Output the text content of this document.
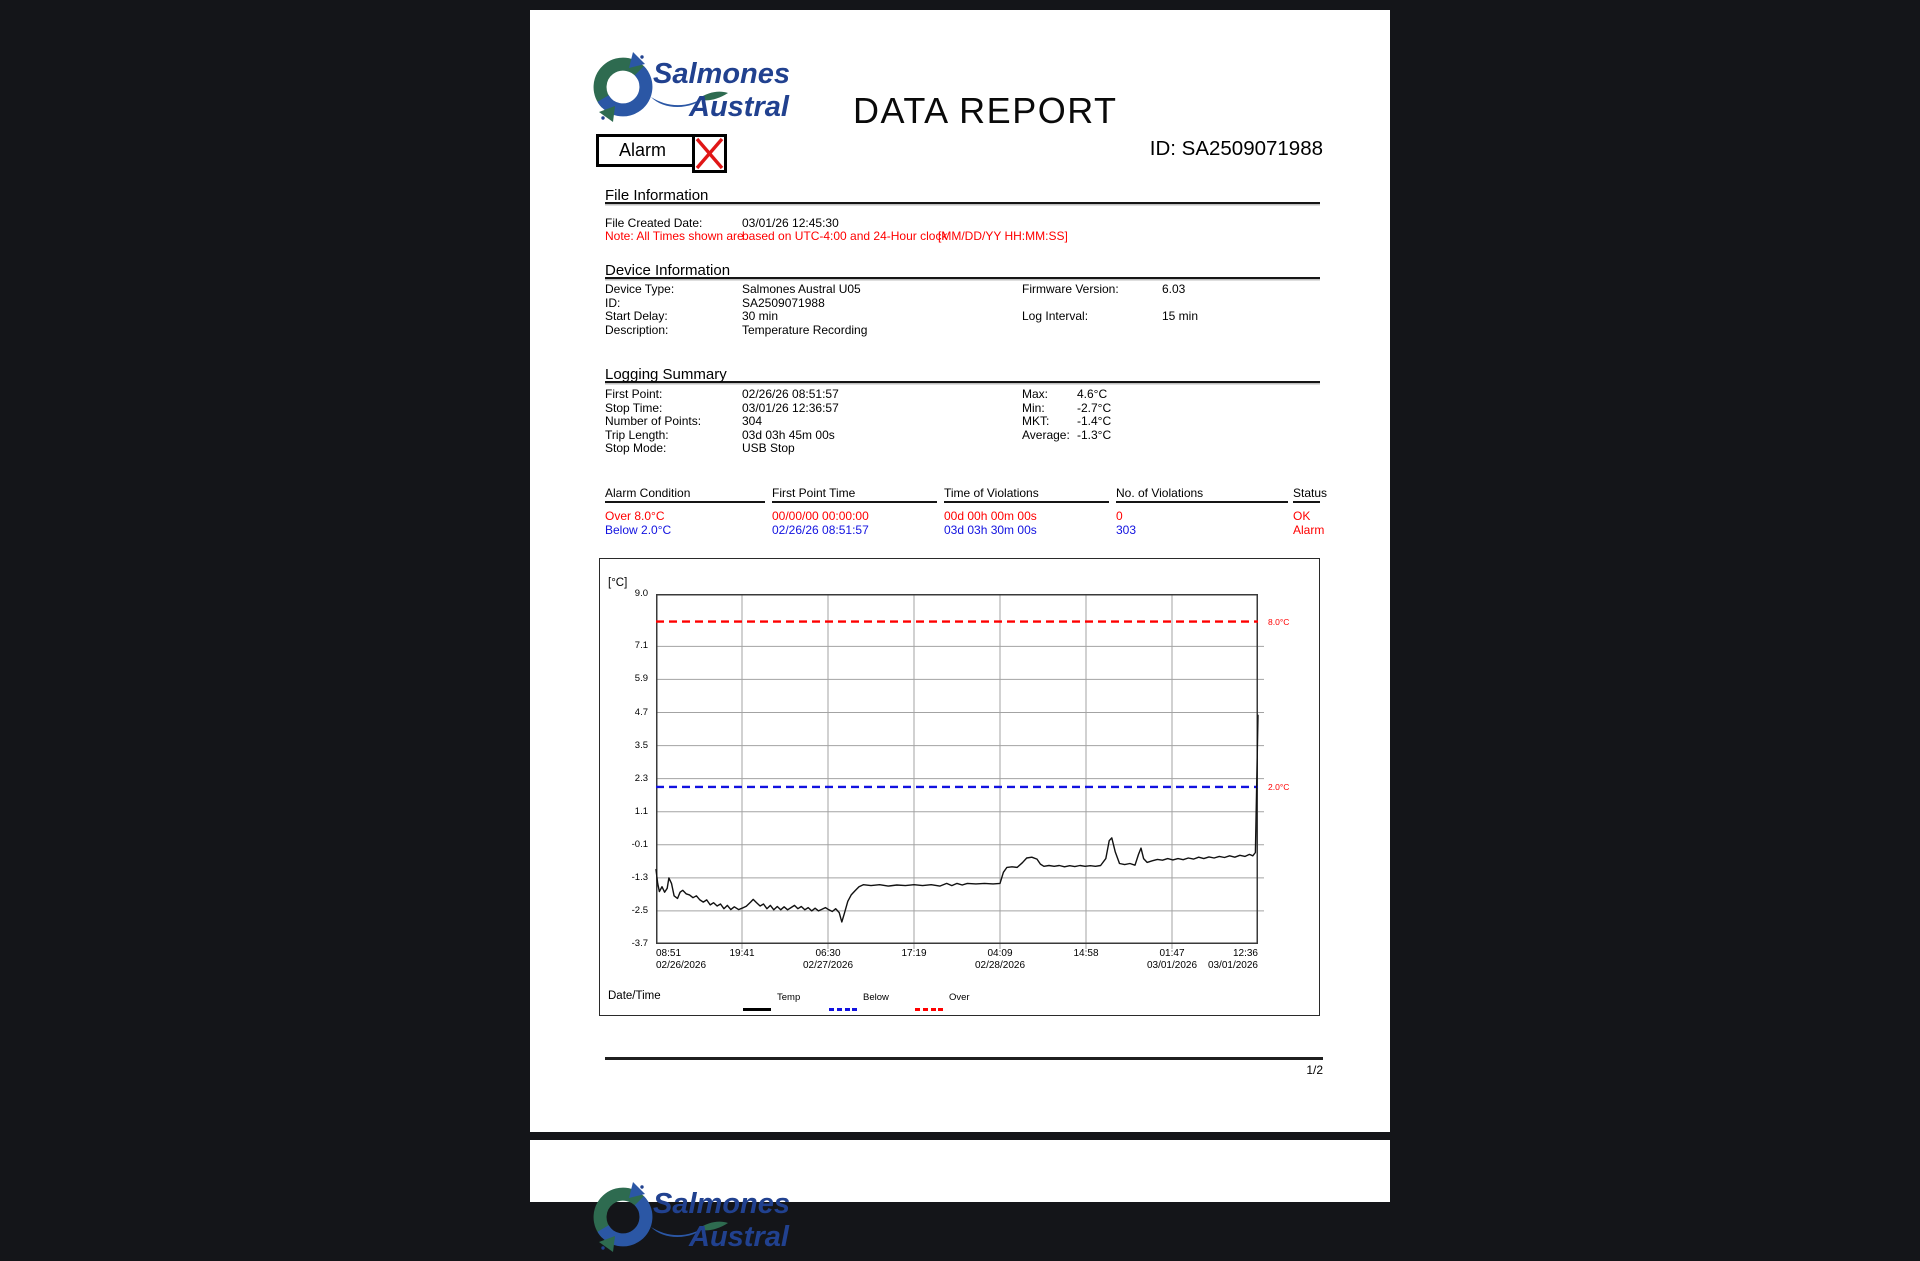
Salmones
Austral DATA REPORT
ID: SA2509071988
Alarm
File Information
File Created Date:	03/01/26 12:45:30
Note: All Times shown are
based on UTC-4:00 and 24-Hour clock
[MM/DD/YY HH:MM:SS]
Device Information
Device Type:	Salmones Austral U05	Firmware Version:	6.03
ID:	SA2509071988
Start Delay:	30 min	Log Interval:	15 min
Description:	Temperature Recording
Logging Summary
First Point:	02/26/26 08:51:57	Max: 4.6°C
Stop Time:	03/01/26 12:36:57	Min:	-2.7°C
Number of Points:	304	MKT: -1.4°C
Trip Length:	03d 03h 45m 00s	Average: -1.3°C
Stop Mode:	USB Stop
Alarm Condition	First Point Time	Time of Violations	No. of Violations	Status
Over 8.0°C	00/00/00 00:00:00	00d 00h 00m 00s	0	OK
Below 2.0°C	02/26/26 08:51:57	03d 03h 30m 00s	303	Alarm
[°C]
Date/Time	Temp	Below	Over
9.0
7.1
5.9
4.7
3.5
2.3
1.1
-0.1
-1.3
-2.5
-3.7
08:51
02/26/2026
19:41	06:30
02/27/2026
17:19	04:09
02/28/2026
14:58	01:47
03/01/2026
12:36
03/01/2026
8.0°C
2.0°C
1/2
Salmones
Austral
